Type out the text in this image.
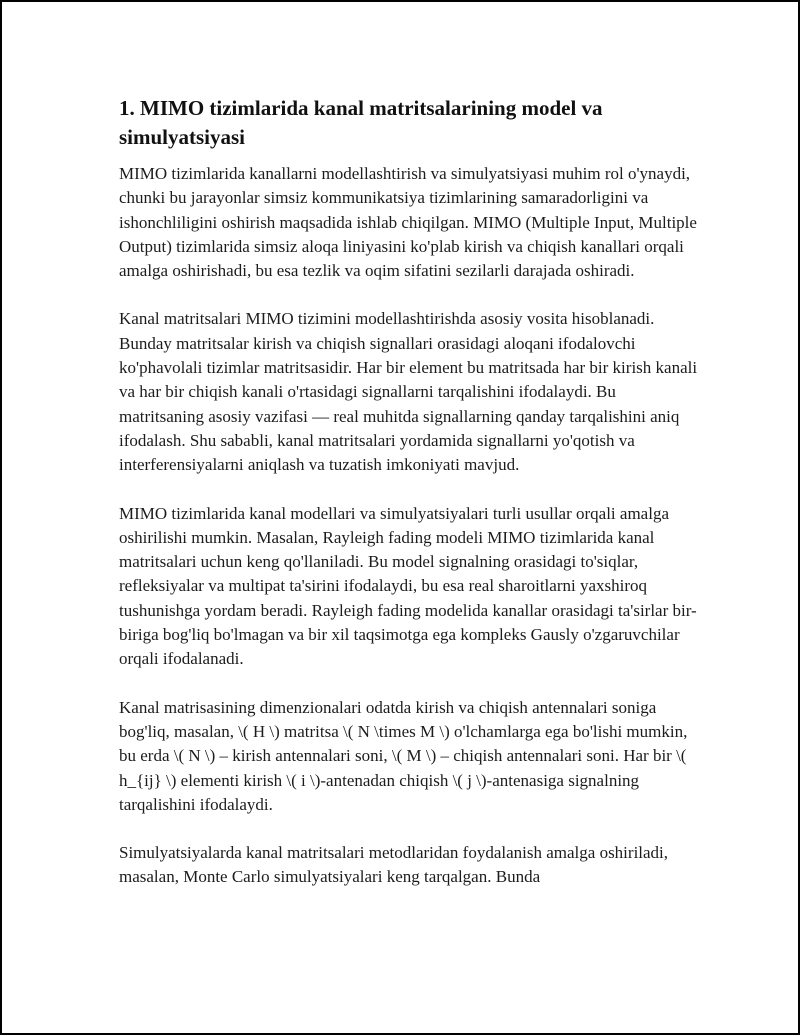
1. MIMO tizimlarida kanal matritsalarining model va simulyatsiyasi

MIMO tizimlarida kanallarni modellashtirish va simulyatsiyasi muhim rol o'ynaydi, chunki bu jarayonlar simsiz kommunikatsiya tizimlarining samaradorligini va ishonchliligini oshirish maqsadida ishlab chiqilgan. MIMO (Multiple Input, Multiple Output) tizimlarida simsiz aloqa liniyasini ko'plab kirish va chiqish kanallari orqali amalga oshirishadi, bu esa tezlik va oqim sifatini sezilarli darajada oshiradi.

Kanal matritsalari MIMO tizimini modellashtirishda asosiy vosita hisoblanadi. Bunday matritsalar kirish va chiqish signallari orasidagi aloqani ifodalovchi ko'phavolali tizimlar matritsasidir. Har bir element bu matritsada har bir kirish kanali va har bir chiqish kanali o'rtasidagi signallarni tarqalishini ifodalaydi. Bu matritsaning asosiy vazifasi — real muhitda signallarning qanday tarqalishini aniq ifodalash. Shu sababli, kanal matritsalari yordamida signallarni yo'qotish va interferensiyalarni aniqlash va tuzatish imkoniyati mavjud.

MIMO tizimlarida kanal modellari va simulyatsiyalari turli usullar orqali amalga oshirilishi mumkin. Masalan, Rayleigh fading modeli MIMO tizimlarida kanal matritsalari uchun keng qo'llaniladi. Bu model signalning orasidagi to'siqlar, refleksiyalar va multipat ta'sirini ifodalaydi, bu esa real sharoitlarni yaxshiroq tushunishga yordam beradi. Rayleigh fading modelida kanallar orasidagi ta'sirlar bir-biriga bog'liq bo'lmagan va bir xil taqsimotga ega kompleks Gausly o'zgaruvchilar orqali ifodalanadi.

Kanal matrisasining dimenzionalari odatda kirish va chiqish antennalari soniga bog'liq, masalan, \( H \) matritsa \( N \times M \) o'lchamlarga ega bo'lishi mumkin, bu erda \( N \) – kirish antennalari soni, \( M \) – chiqish antennalari soni. Har bir \( h_{ij} \) elementi kirish \( i \)-antenadan chiqish \( j \)-antenasiga signalning tarqalishini ifodalaydi.

Simulyatsiyalarda kanal matritsalari metodlaridan foydalanish amalga oshiriladi, masalan, Monte Carlo simulyatsiyalari keng tarqalgan. Bunda
